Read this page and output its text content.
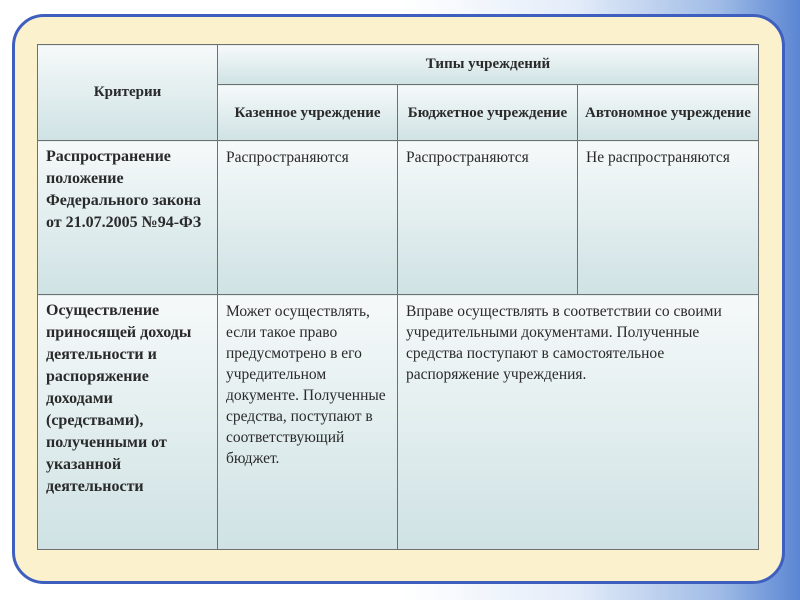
Критерии	Типы учреждений		
	Казенное учреждение	Бюджетное учреждение	Автономное учреждение
Распространение положение Федерального закона от 21.07.2005 №94-ФЗ	Распространяются	Распространяются	Не распространяются
Осуществление приносящей доходы деятельности и распоряжение доходами (средствами), полученными от указанной деятельности	Может осуществлять, если такое право предусмотрено в его учредительном документе. Полученные средства, поступают в соответствующий бюджет.	Вправе осуществлять в соответствии со своими учредительными документами. Полученные средства поступают в самостоятельное распоряжение учреждения.	
